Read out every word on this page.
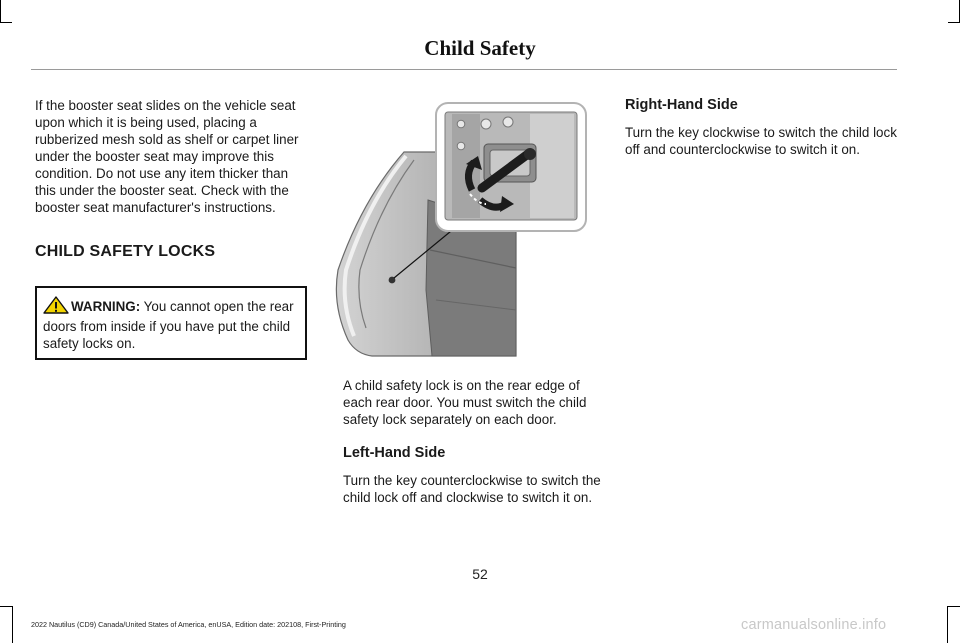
Child Safety

If the booster seat slides on the vehicle seat upon which it is being used, placing a rubberized mesh sold as shelf or carpet liner under the booster seat may improve this condition. Do not use any item thicker than this under the booster seat. Check with the booster seat manufacturer's instructions.

CHILD SAFETY LOCKS
WARNING: You cannot open the rear doors from inside if you have put the child safety locks on.

A child safety lock is on the rear edge of each rear door. You must switch the child safety lock separately on each door.

Left-Hand Side

Turn the key counterclockwise to switch the child lock off and clockwise to switch it on.

Right-Hand Side

Turn the key clockwise to switch the child lock off and counterclockwise to switch it on.

52
2022 Nautilus (CD9) Canada/United States of America, enUSA, Edition date: 202108, First-Printing	carmanualsonline.info
